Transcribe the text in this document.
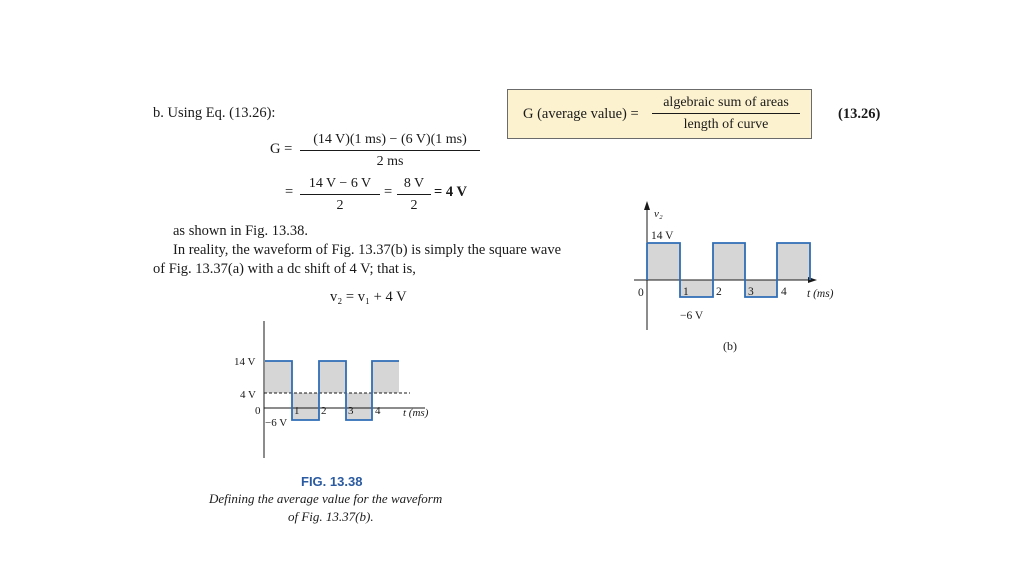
b. Using Eq. (13.26):
$G = \frac{(14 V)(1 ms) - (6 V)(1 ms)}{2 ms}$
= $\frac{14 V - 6 V}{2} = \frac{8 V}{2} = 4$ V
G (average value) =
algebraic sum of areas
length of curve
(13.26)
as shown in Fig. 13.38.
In reality, the waveform of Fig. 13.37(b) is simply the square wave
of Fig. 13.37(a) with a dc shift of 4 V; that is,
v₂ = v₁ + 4 V
v₂
14 V
0	1 2 3 4 t (ms)
−6 V
(b)
14 V
4 V
0
−6 V
1 2 3 4 t (ms)
FIG. 13.38
Defining the average value for the waveform
of Fig. 13.37(b).
